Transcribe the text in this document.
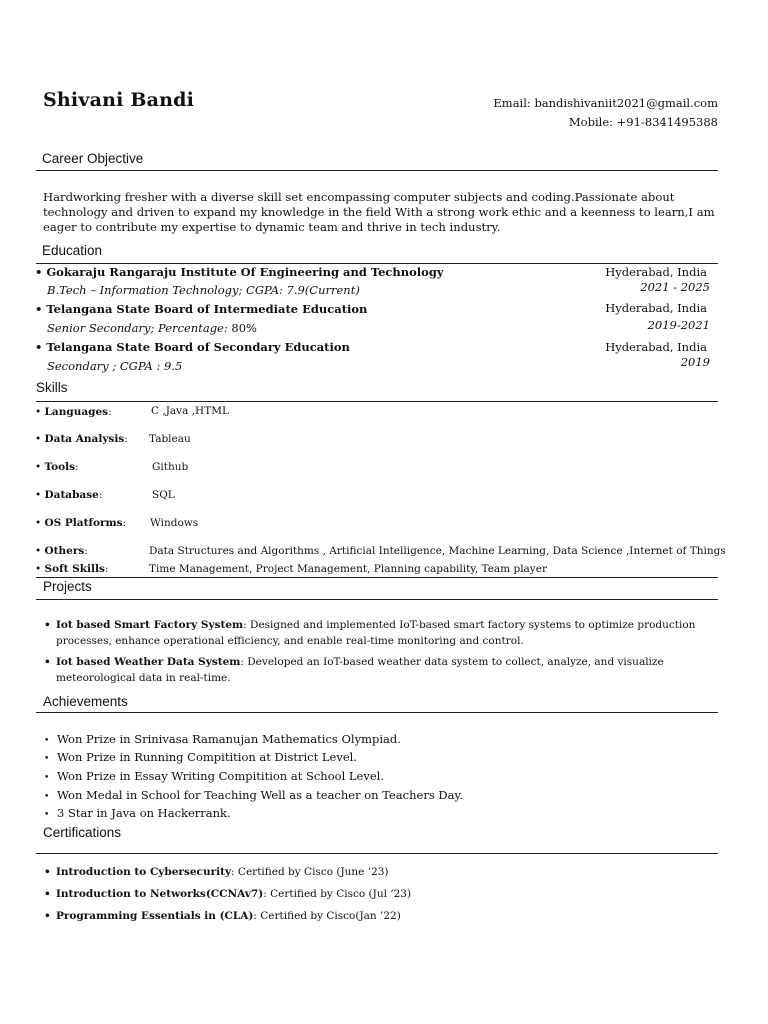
Shivani Bandi	Email: bandishivaniit2021@gmail.com
Mobile: +91-8341495388
Career Objective
Hardworking fresher with a diverse skill set encompassing computer subjects and coding.Passionate about technology and driven to expand my knowledge in the field With a strong work ethic and a keenness to learn,I am eager to contribute my expertise to dynamic team and thrive in tech industry.
Education
• Gokaraju Rangaraju Institute Of Engineering and Technology
B.Tech – Information Technology; CGPA: 7.9(Current)
Hyderabad, India
2021 - 2025
• Telangana State Board of Intermediate Education
Senior Secondary; Percentage: 80%
Hyderabad, India
2019-2021
• Telangana State Board of Secondary Education
Secondary ; CGPA : 9.5
Hyderabad, India
2019
Skills
• Languages:	C ,Java ,HTML
• Data Analysis: Tableau
• Tools:	Github
• Database:	SQL
• OS Platforms: Windows
• Others:	Data Structures and Algorithms , Artificial Intelligence, Machine Learning, Data Science ,Internet of Things
• Soft Skills:	Time Management, Project Management, Planning capability, Team player
Projects
• Iot based Smart Factory System: Designed and implemented IoT-based smart factory systems to optimize production processes, enhance operational efficiency, and enable real-time monitoring and control.
• Iot based Weather Data System: Developed an IoT-based weather data system to collect, analyze, and visualize meteorological data in real-time.
Achievements
• Won Prize in Srinivasa Ramanujan Mathematics Olympiad.
• Won Prize in Running Compitition at District Level.
• Won Prize in Essay Writing Compitition at School Level.
• Won Medal in School for Teaching Well as a teacher on Teachers Day.
• 3 Star in Java on Hackerrank.
Certifications
• Introduction to Cybersecurity: Certified by Cisco (June ’23)
• Introduction to Networks(CCNAv7): Certified by Cisco (Jul ’23)
• Programming Essentials in (CLA): Certified by Cisco(Jan ’22)
